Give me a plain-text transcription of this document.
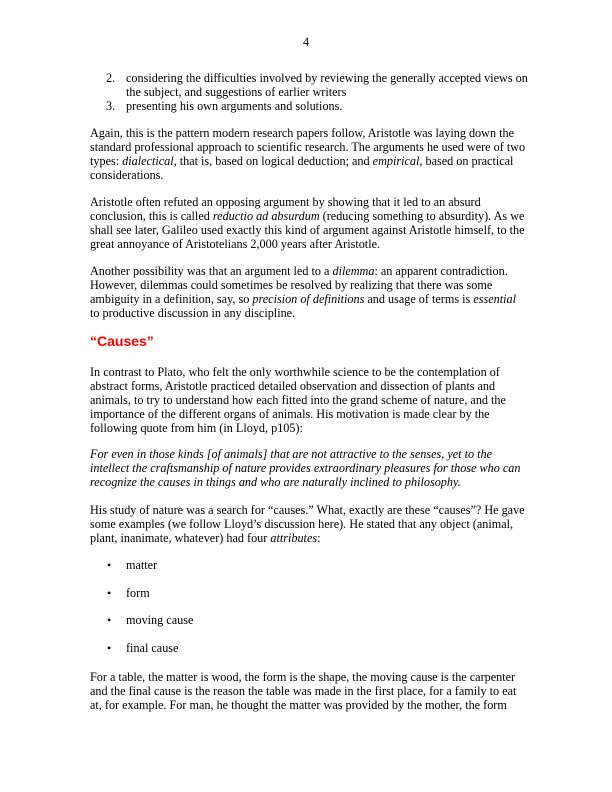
4
2. considering the difficulties involved by reviewing the generally accepted views on
the subject, and suggestions of earlier writers
3. presenting his own arguments and solutions.
Again, this is the pattern modern research papers follow, Aristotle was laying down the
standard professional approach to scientific research. The arguments he used were of two
types: dialectical, that is, based on logical deduction; and empirical, based on practical
considerations.
Aristotle often refuted an opposing argument by showing that it led to an absurd
conclusion, this is called reductio ad absurdum (reducing something to absurdity). As we
shall see later, Galileo used exactly this kind of argument against Aristotle himself, to the
great annoyance of Aristotelians 2,000 years after Aristotle.
Another possibility was that an argument led to a dilemma: an apparent contradiction.
However, dilemmas could sometimes be resolved by realizing that there was some
ambiguity in a definition, say, so precision of definitions and usage of terms is essential
to productive discussion in any discipline.
“Causes”
In contrast to Plato, who felt the only worthwhile science to be the contemplation of
abstract forms, Aristotle practiced detailed observation and dissection of plants and
animals, to try to understand how each fitted into the grand scheme of nature, and the
importance of the different organs of animals. His motivation is made clear by the
following quote from him (in Lloyd, p105):
For even in those kinds [of animals] that are not attractive to the senses, yet to the
intellect the craftsmanship of nature provides extraordinary pleasures for those who can
recognize the causes in things and who are naturally inclined to philosophy.
His study of nature was a search for “causes.” What, exactly are these “causes”? He gave
some examples (we follow Lloyd’s discussion here). He stated that any object (animal,
plant, inanimate, whatever) had four attributes:
• matter
• form
• moving cause
• final cause
For a table, the matter is wood, the form is the shape, the moving cause is the carpenter
and the final cause is the reason the table was made in the first place, for a family to eat
at, for example. For man, he thought the matter was provided by the mother, the form
